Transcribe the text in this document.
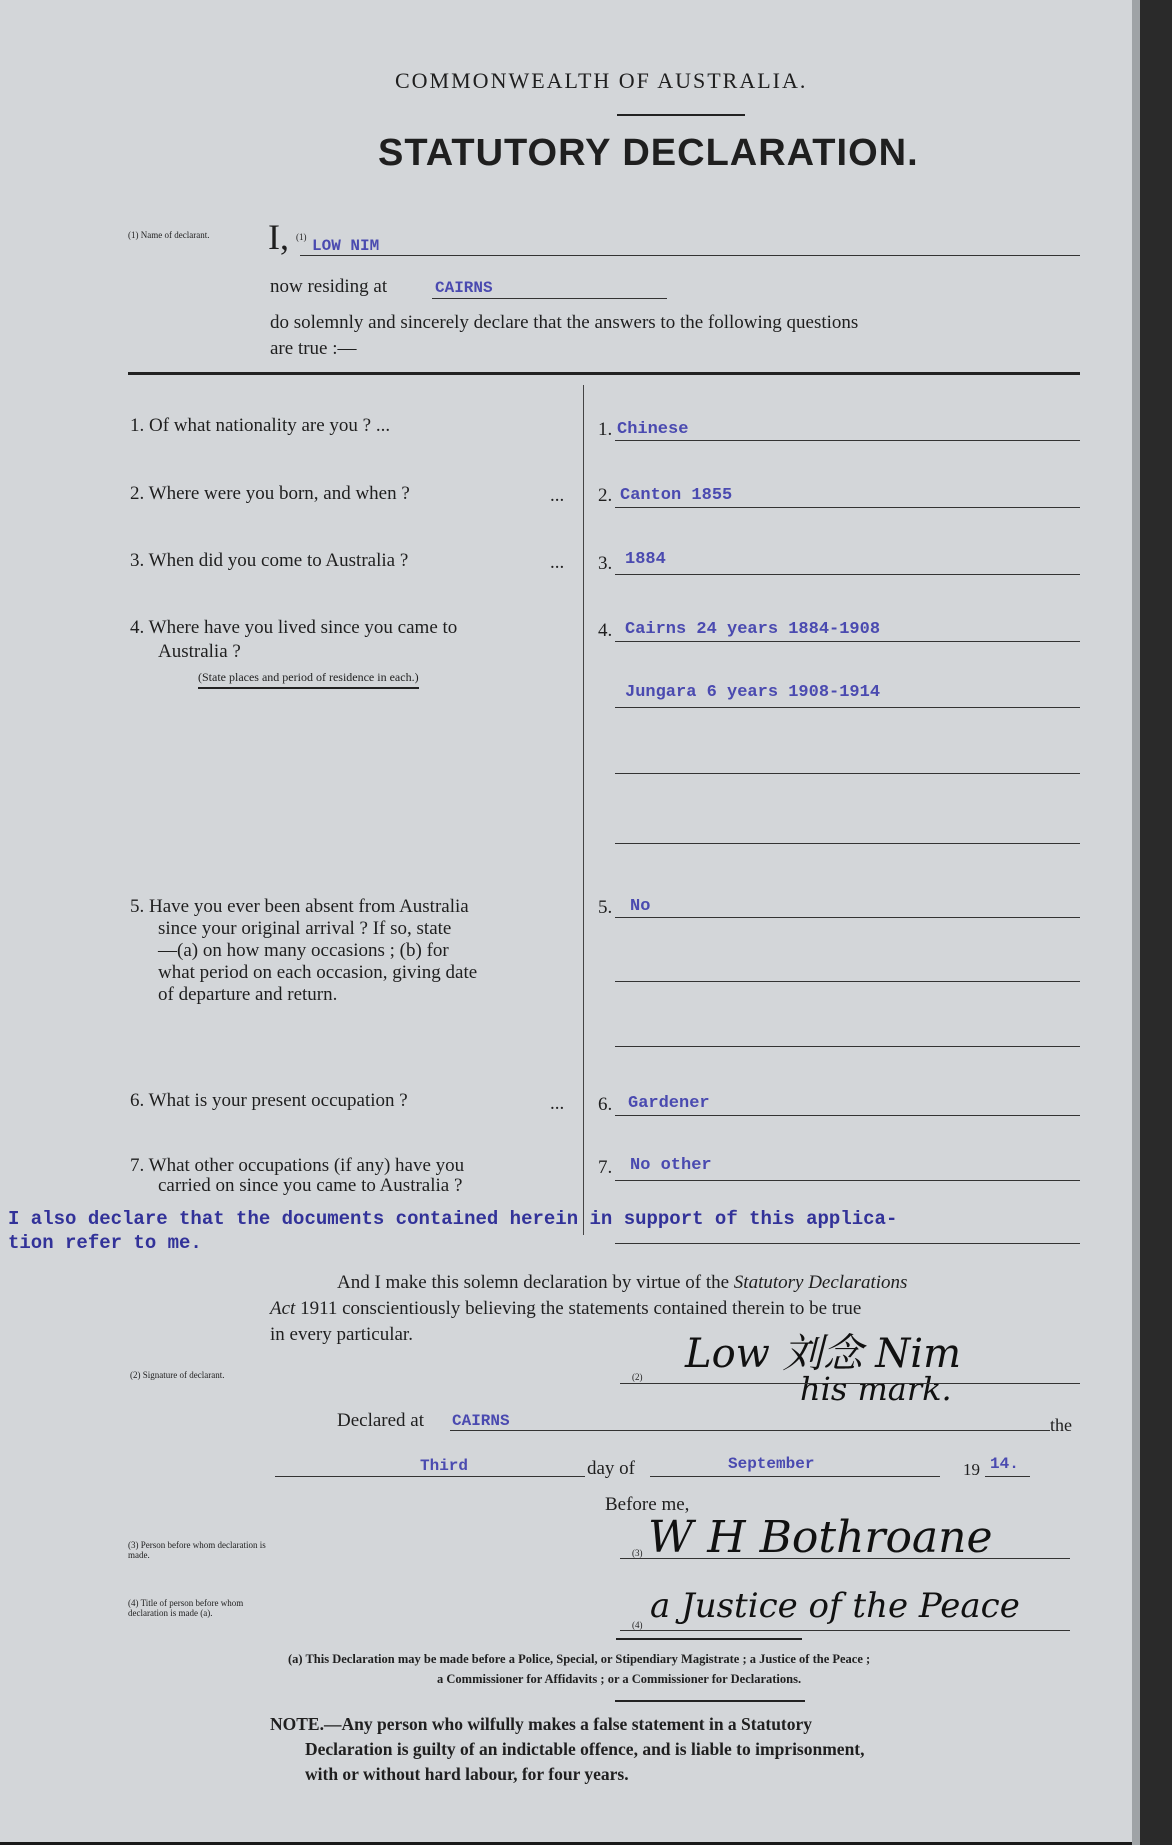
COMMONWEALTH OF AUSTRALIA.
STATUTORY DECLARATION.
(1) Name of declarant.	I, (1) LOW NIM
now residing at	CAIRNS
do solemnly and sincerely declare that the answers to the following questions
are true :—
1. Of what nationality are you ? ...	1. Chinese
2. Where were you born, and when ?	... 2. Canton 1855
3. When did you come to Australia ?	... 3. 1884
4. Where have you lived since you came to
Australia ?
(State places and period of residence in each.)
4. Cairns 24 years 1884-1908
Jungara 6 years 1908-1914
5. Have you ever been absent from Australia
since your original arrival ? If so, state
—(a) on how many occasions ; (b) for
what period on each occasion, giving date
of departure and return.
5. No
6. What is your present occupation ?	... 6. Gardener
7. What other occupations (if any) have you
carried on since you came to Australia ?
7. No other
I also declare that the documents contained herein in support of this applica-
tion refer to me.
And I make this solemn declaration by virtue of the Statutory Declarations
Act 1911 conscientiously believing the statements contained therein to be true
in every particular.
(2) Signature of declarant.	(2) Low 刘念 Nim
his mark.
Declared at CAIRNS	the
Third	day of	September	19 14.
Before me,
(3) Person before whom declaration is made.	(3) W H Bothroane
(4) Title of person before whom declaration is made (a).
(4) a Justice of the Peace
(a) This Declaration may be made before a Police, Special, or Stipendiary Magistrate ; a Justice of the Peace ;
a Commissioner for Affidavits ; or a Commissioner for Declarations.
NOTE.—Any person who wilfully makes a false statement in a Statutory
Declaration is guilty of an indictable offence, and is liable to imprisonment,
with or without hard labour, for four years.
